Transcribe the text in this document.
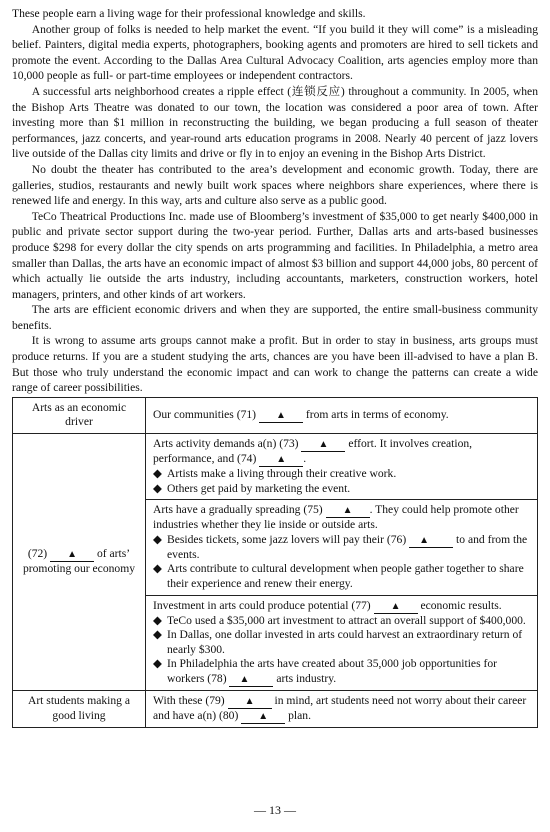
These people earn a living wage for their professional knowledge and skills.

Another group of folks is needed to help market the event. “If you build it they will come” is a misleading belief. Painters, digital media experts, photographers, booking agents and promoters are hired to sell tickets and promote the event. According to the Dallas Area Cultural Advocacy Coalition, arts agencies employ more than 10,000 people as full- or part-time employees or independent contractors.

A successful arts neighborhood creates a ripple effect (连锁反应) throughout a community. In 2005, when the Bishop Arts Theatre was donated to our town, the location was considered a poor area of town. After investing more than $1 million in reconstructing the building, we began producing a full season of theater performances, jazz concerts, and year-round arts education programs in 2008. Nearly 40 percent of jazz lovers live outside of the Dallas city limits and drive or fly in to enjoy an evening in the Bishop Arts District.

No doubt the theater has contributed to the area’s development and economic growth. Today, there are galleries, studios, restaurants and newly built work spaces where neighbors share experiences, where there is renewed life and energy. In this way, arts and culture also serve as a public good.

TeCo Theatrical Productions Inc. made use of Bloomberg’s investment of $35,000 to get nearly $400,000 in public and private sector support during the two-year period. Further, Dallas arts and arts-based businesses produce $298 for every dollar the city spends on arts programming and facilities. In Philadelphia, a metro area smaller than Dallas, the arts have an economic impact of almost $3 billion and support 44,000 jobs, 80 percent of which actually lie outside the arts industry, including accountants, marketers, construction workers, hotel managers, printers, and other kinds of art workers.

The arts are efficient economic drivers and when they are supported, the entire small-business community benefits.

It is wrong to assume arts groups cannot make a profit. But in order to stay in business, arts groups must produce returns. If you are a student studying the arts, chances are you have been ill-advised to have a plan B. But those who truly understand the economic impact and can work to change the patterns can create a wide range of career possibilities.

Arts as an economic driver	Our communities (71) ▲ from arts in terms of economy.
(72) ▲ of arts’ promoting our economy	Arts activity demands a(n) (73) ▲ effort. It involves creation, performance, and (74) ▲ .
◆ Artists make a living through their creative work.
◆ Others get paid by marketing the event.

	Arts have a gradually spreading (75) ▲ . They could help promote other industries whether they lie inside or outside arts.
◆ Besides tickets, some jazz lovers will pay their (76) ▲ to and from the events.
◆ Arts contribute to cultural development when people gather together to share their experience and renew their energy.

	Investment in arts could produce potential (77) ▲ economic results.
◆ TeCo used a $35,000 art investment to attract an overall support of $400,000.
◆ In Dallas, one dollar invested in arts could harvest an extraordinary return of nearly $300.
◆ In Philadelphia the arts have created about 35,000 job opportunities for workers (78) ▲ arts industry.

Art students making a good living	With these (79) ▲ in mind, art students need not worry about their career and have a(n) (80) ▲ plan.
— 13 —
